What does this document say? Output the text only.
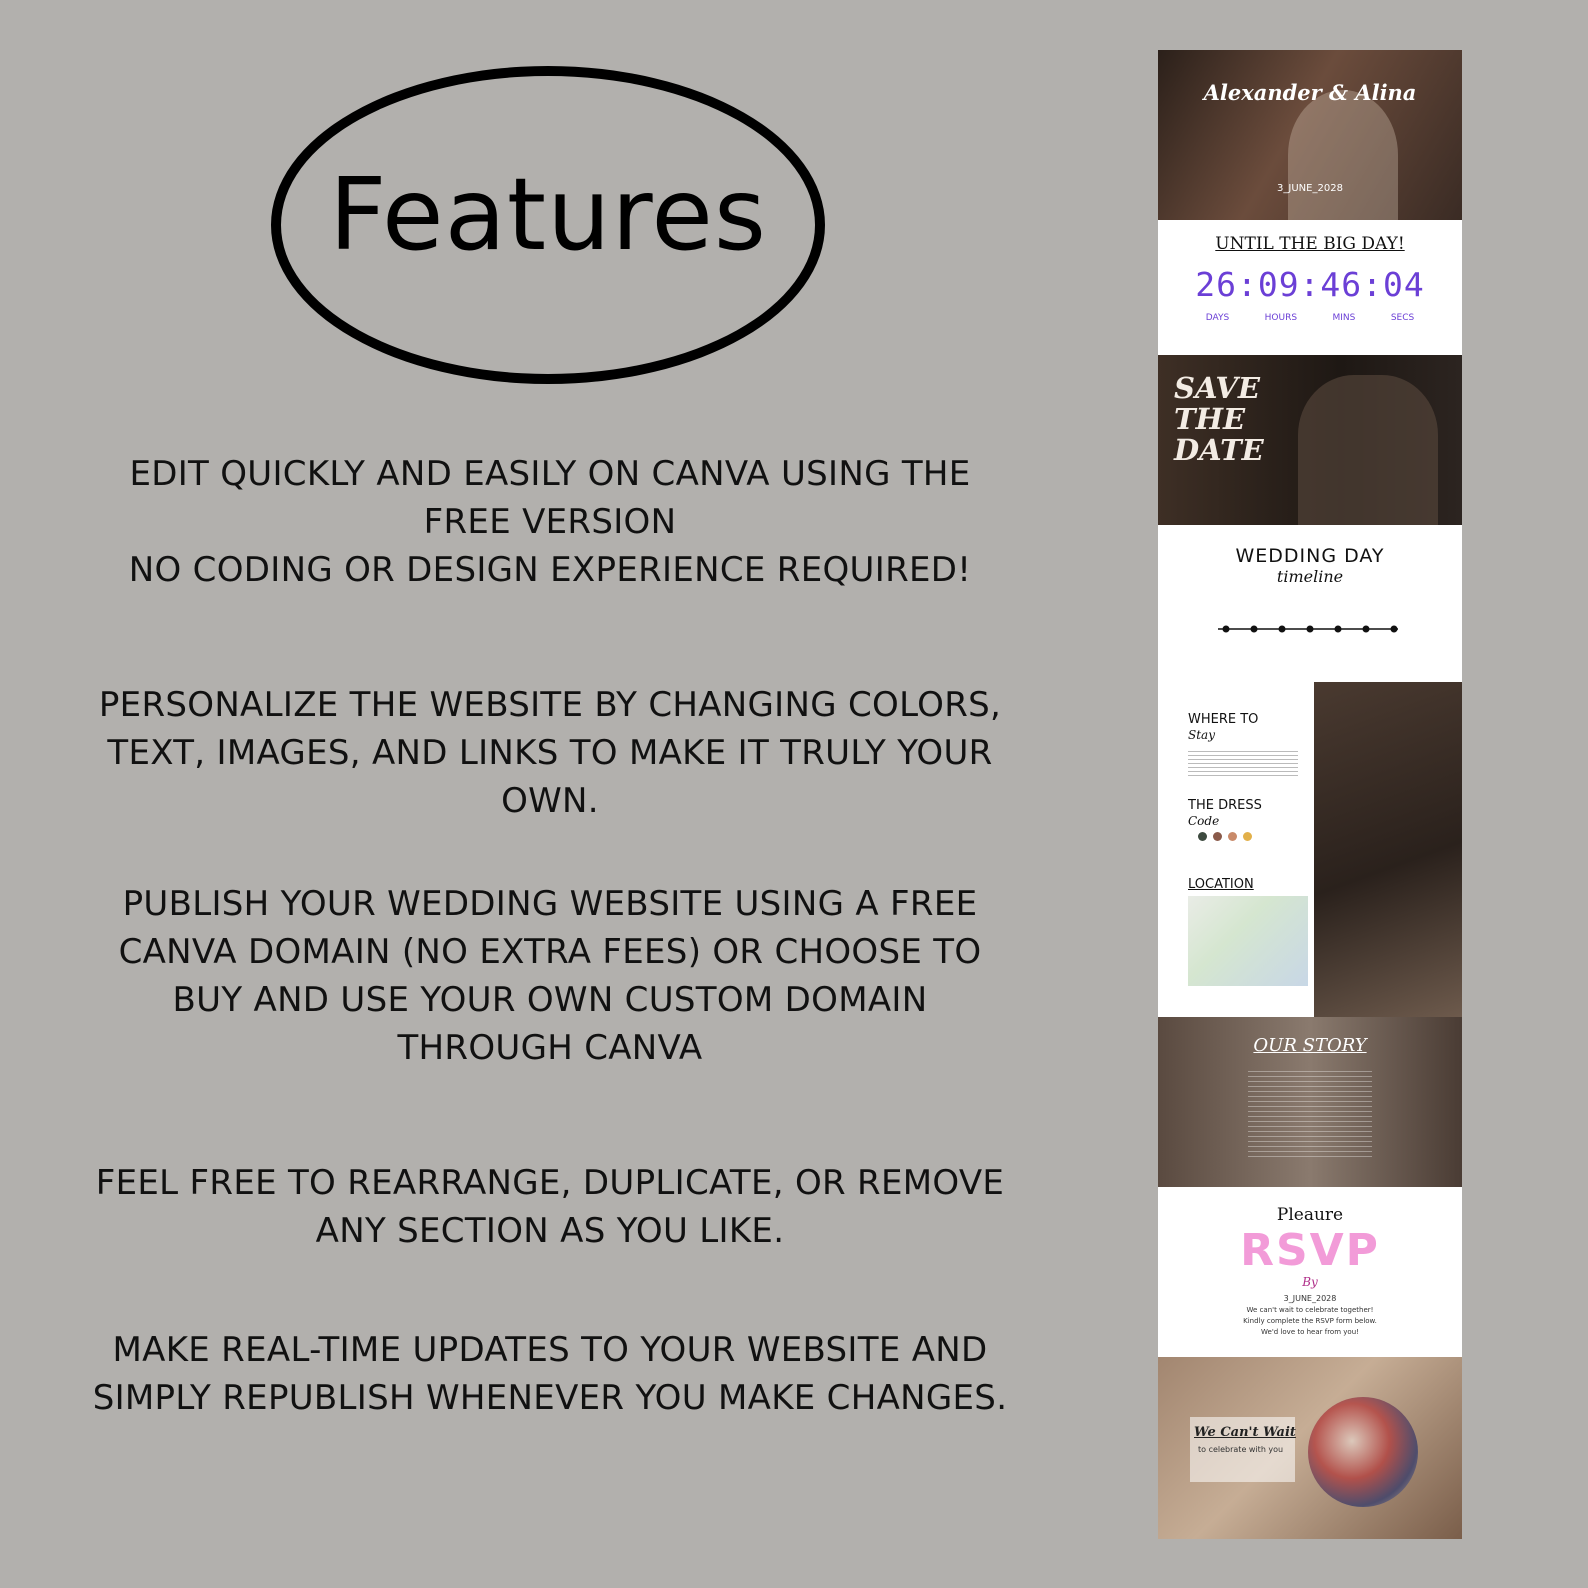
Features
EDIT QUICKLY AND EASILY ON CANVA USING THE
FREE VERSION
NO CODING OR DESIGN EXPERIENCE REQUIRED!
PERSONALIZE THE WEBSITE BY CHANGING COLORS,
TEXT, IMAGES, AND LINKS TO MAKE IT TRULY YOUR
OWN.
PUBLISH YOUR WEDDING WEBSITE USING A FREE
CANVA DOMAIN (NO EXTRA FEES) OR CHOOSE TO
BUY AND USE YOUR OWN CUSTOM DOMAIN
THROUGH CANVA
FEEL FREE TO REARRANGE, DUPLICATE, OR REMOVE
ANY SECTION AS YOU LIKE.
MAKE REAL-TIME UPDATES TO YOUR WEBSITE AND
SIMPLY REPUBLISH WHENEVER YOU MAKE CHANGES.
Alexander & Alina
3_JUNE_2028
UNTIL THE BIG DAY!
26:09:46:04
DAYS	HOURS	MINS	SECS
SAVE
THE
DATE
WEDDING DAY
timeline
WHERE TO
Stay
THE DRESS
Code
LOCATION
OUR STORY
Pleaure
RSVP
By
3_JUNE_2028
We can't wait to celebrate together!
Kindly complete the RSVP form below.
We'd love to hear from you!
We Can't Wait
to celebrate with you
